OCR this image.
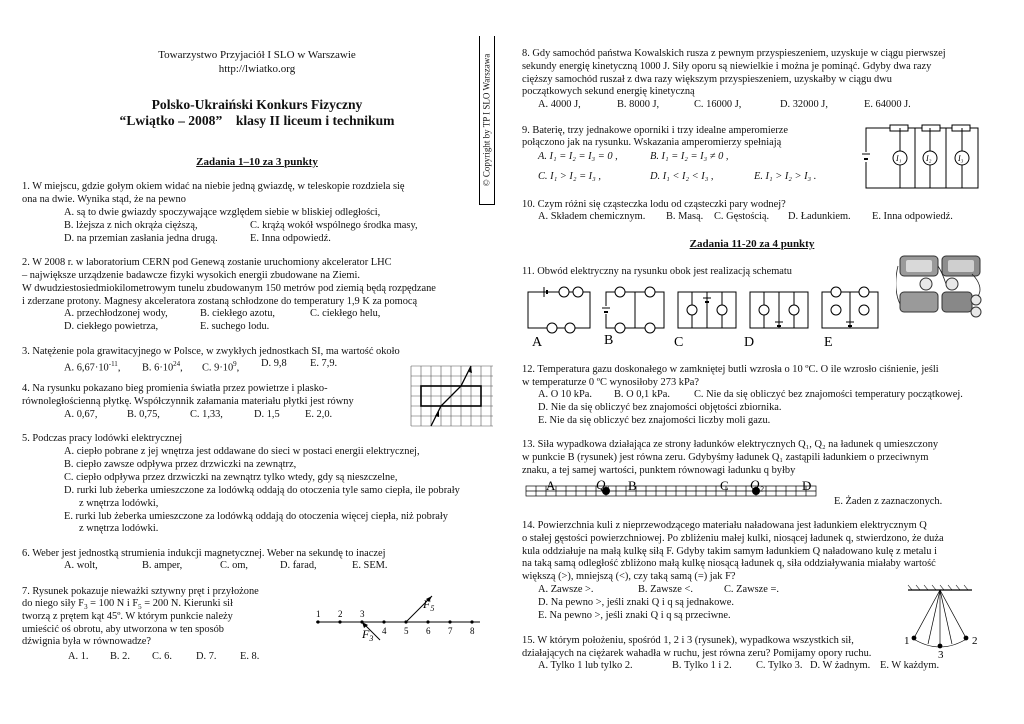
Towarzystwo Przyjaciół I SLO w Warszawie
http://lwiatko.org
Polsko-Ukraiński Konkurs Fizyczny
“Lwiątko – 2008”    klasy II liceum i technikum
Zadania 1–10 za 3 punkty
1. W miejscu, gdzie gołym okiem widać na niebie jedną gwiazdę, w teleskopie rozdziela się
ona na dwie. Wynika stąd, że na pewno
A. są to dwie gwiazdy spoczywające względem siebie w bliskiej odległości,
B. lżejsza z nich okrąża cięższą,	C. krążą wokół wspólnego środka masy,
D. na przemian zasłania jedna drugą.	E. Inna odpowiedź.
2. W 2008 r. w laboratorium CERN pod Genewą zostanie uruchomiony akcelerator LHC
– największe urządzenie badawcze fizyki wysokich energii zbudowane na Ziemi.
W dwudziestosiedmiokilometrowym tunelu zbudowanym 150 metrów pod ziemią będą rozpędzane
i zderzane protony. Magnesy akceleratora zostaną schłodzone do temperatury 1,9 K za pomocą
A. przechłodzonej wody,	B. ciekłego azotu,	C. ciekłego helu,
D. ciekłego powietrza,	E. suchego lodu.
3. Natężenie pola grawitacyjnego w Polsce, w zwykłych jednostkach SI, ma wartość około
A. $6,67\cdot 10^{-11}$, B. $6\cdot 10^{24}$, C. $9\cdot 10^9$, D. 9,8 E. 7,9.
4. Na rysunku pokazano bieg promienia światła przez powietrze i plasko-
równoległościenną płytkę. Współczynnik załamania materiału płytki jest równy
A. 0,67,	B. 0,75,	C. 1,33,	D. 1,5 E. 2,0.
5. Podczas pracy lodówki elektrycznej
A. ciepło pobrane z jej wnętrza jest oddawane do sieci w postaci energii elektrycznej,
B. ciepło zawsze odpływa przez drzwiczki na zewnątrz,
C. ciepło odpływa przez drzwiczki na zewnątrz tylko wtedy, gdy są nieszczelne,
D. rurki lub żeberka umieszczone za lodówką oddają do otoczenia tyle samo ciepła, ile pobrały
z wnętrza lodówki,
E. rurki lub żeberka umieszczone za lodówką oddają do otoczenia więcej ciepła, niż pobrały
z wnętrza lodówki.
6. Weber jest jednostką strumienia indukcji magnetycznej. Weber na sekundę to inaczej
A. wolt,	B. amper,	C. om,	D. farad,	E. SEM.
7. Rysunek pokazuje nieważki sztywny pręt i przyłożone
do niego siły $F_3 = 100$ N i $F_5 = 200$ N. Kierunki sił
tworzą z prętem kąt 45º. W którym punkcie należy
umieścić oś obrotu, aby utworzona w ten sposób
dźwignia była w równowadze?
A. 1. B. 2. C. 6. D. 7. E. 8.
1 2 3
4 5 6 7 8
$F_5$
$F_3$
© Copyright by TP I SLO Warszawa
8. Gdy samochód państwa Kowalskich rusza z pewnym przyspieszeniem, uzyskuje w ciągu pierwszej
sekundy energię kinetyczną 1000 J. Siły oporu są niewielkie i można je pominąć. Gdyby dwa razy
cięższy samochód ruszał z dwa razy większym przyspieszeniem, uzyskałby w ciągu dwu
początkowych sekund energię kinetyczną
A. 4000 J,	B. 8000 J,	C. 16000 J,	D. 32000 J,	E. 64000 J.
9. Baterię, trzy jednakowe oporniki i trzy idealne amperomierze
połączono jak na rysunku. Wskazania amperomierzy spełniają
A. I₁ = I₂ = I₃ = 0 ,	B. I₁ = I₂ = I₃ ≠ 0 ,
C. I₁ > I₂ = I₃ ,	D. I₁ < I₂ < I₃ ,	E. I₁ > I₂ > I₃ .
I₁	I₂	I₃
10. Czym różni się cząsteczka lodu od cząsteczki pary wodnej?
A. Składem chemicznym. B. Masą. C. Gęstością. D. Ładunkiem. E. Inna odpowiedź.
Zadania 11-20 za 4 punkty
11. Obwód elektryczny na rysunku obok jest realizacją schematu
A	B	C	D	E
12. Temperatura gazu doskonałego w zamkniętej butli wzrosła o 10 ºC. O ile wzrosło ciśnienie, jeśli
w temperaturze 0 ºC wynosiłoby 273 kPa?
A. O 10 kPa. B. O 0,1 kPa. C. Nie da się obliczyć bez znajomości temperatury początkowej.
D. Nie da się obliczyć bez znajomości objętości zbiornika.
E. Nie da się obliczyć bez znajomości liczby moli gazu.
13. Siła wypadkowa działająca ze strony ładunków elektrycznych Q₁, Q₂ na ładunek q umieszczony
w punkcie B (rysunek) jest równa zeru. Gdybyśmy ładunek Q₁ zastąpili ładunkiem o przeciwnym
znaku, a tej samej wartości, punktem równowagi ładunku q byłby
A	Q₁ B	C Q₂	D
E. Żaden z zaznaczonych.
14. Powierzchnia kuli z nieprzewodzącego materiału naładowana jest ładunkiem elektrycznym Q
o stałej gęstości powierzchniowej. Po zbliżeniu małej kulki, niosącej ładunek q, stwierdzono, że duża
kula oddziałuje na małą kulkę siłą F. Gdyby takim samym ładunkiem Q naładowano kulę z metalu i
na taką samą odległość zbliżono małą kulkę niosącą ładunek q, siła oddziaływania miałaby wartość
większą (>), mniejszą (<), czy taką samą (=) jak F?
A. Zawsze >.	B. Zawsze <.	C. Zawsze =.
D. Na pewno >, jeśli znaki Q i q są jednakowe.
E. Na pewno >, jeśli znaki Q i q są przeciwne.
15. W którym położeniu, spośród 1, 2 i 3 (rysunek), wypadkowa wszystkich sił,
działających na ciężarek wahadła w ruchu, jest równa zeru? Pomijamy opory ruchu.
A. Tylko 1 lub tylko 2.	B. Tylko 1 i 2. C. Tylko 3. D. W żadnym. E. W każdym.
1	2
3
